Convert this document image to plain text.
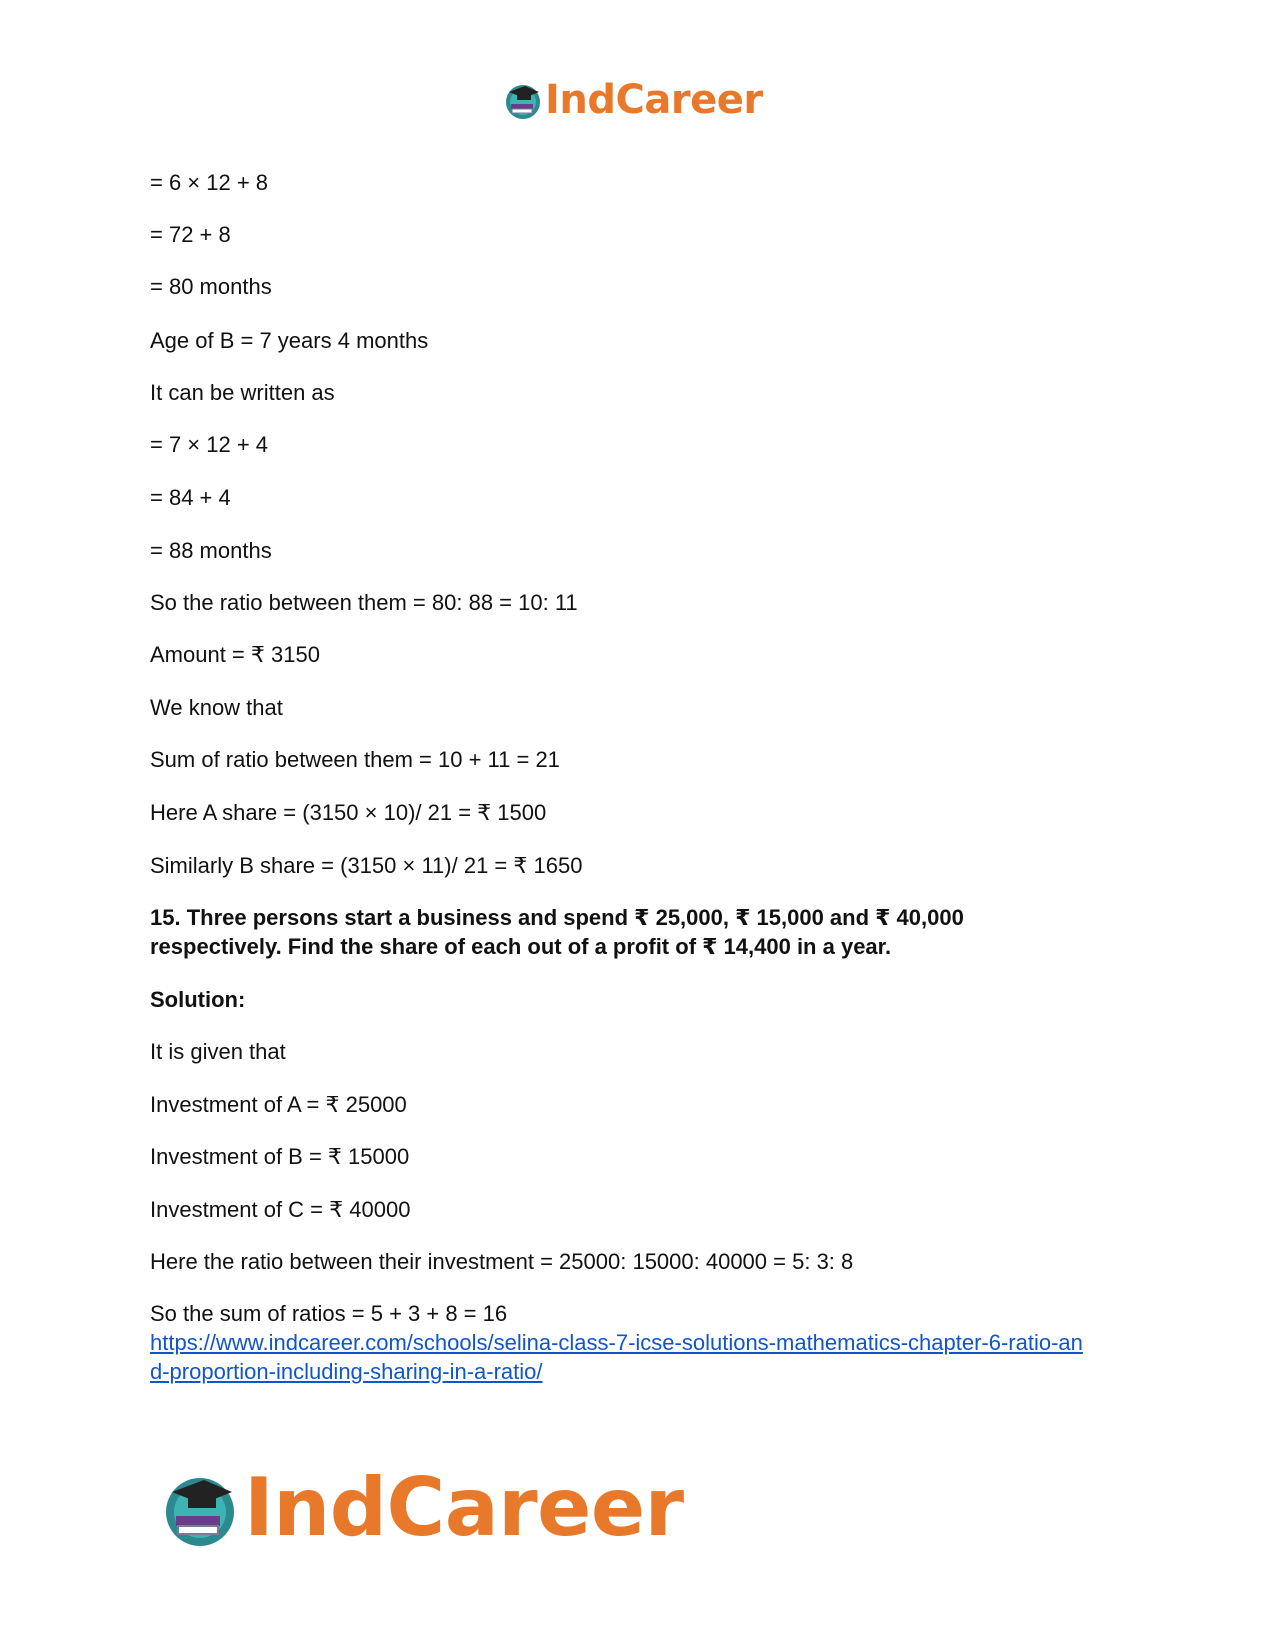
IndCareer
= 6 × 12 + 8
= 72 + 8
= 80 months
Age of B = 7 years 4 months
It can be written as
= 7 × 12 + 4
= 84 + 4
= 88 months
So the ratio between them = 80: 88 = 10: 11
Amount = ₹ 3150
We know that
Sum of ratio between them = 10 + 11 = 21
Here A share = (3150 × 10)/ 21 = ₹ 1500
Similarly B share = (3150 × 11)/ 21 = ₹ 1650
15. Three persons start a business and spend ₹ 25,000, ₹ 15,000 and ₹ 40,000
respectively. Find the share of each out of a profit of ₹ 14,400 in a year.
Solution:
It is given that
Investment of A = ₹ 25000
Investment of B = ₹ 15000
Investment of C = ₹ 40000
Here the ratio between their investment = 25000: 15000: 40000 = 5: 3: 8
So the sum of ratios = 5 + 3 + 8 = 16
https://www.indcareer.com/schools/selina-class-7-icse-solutions-mathematics-chapter-6-ratio-an
d-proportion-including-sharing-in-a-ratio/
IndCareer
